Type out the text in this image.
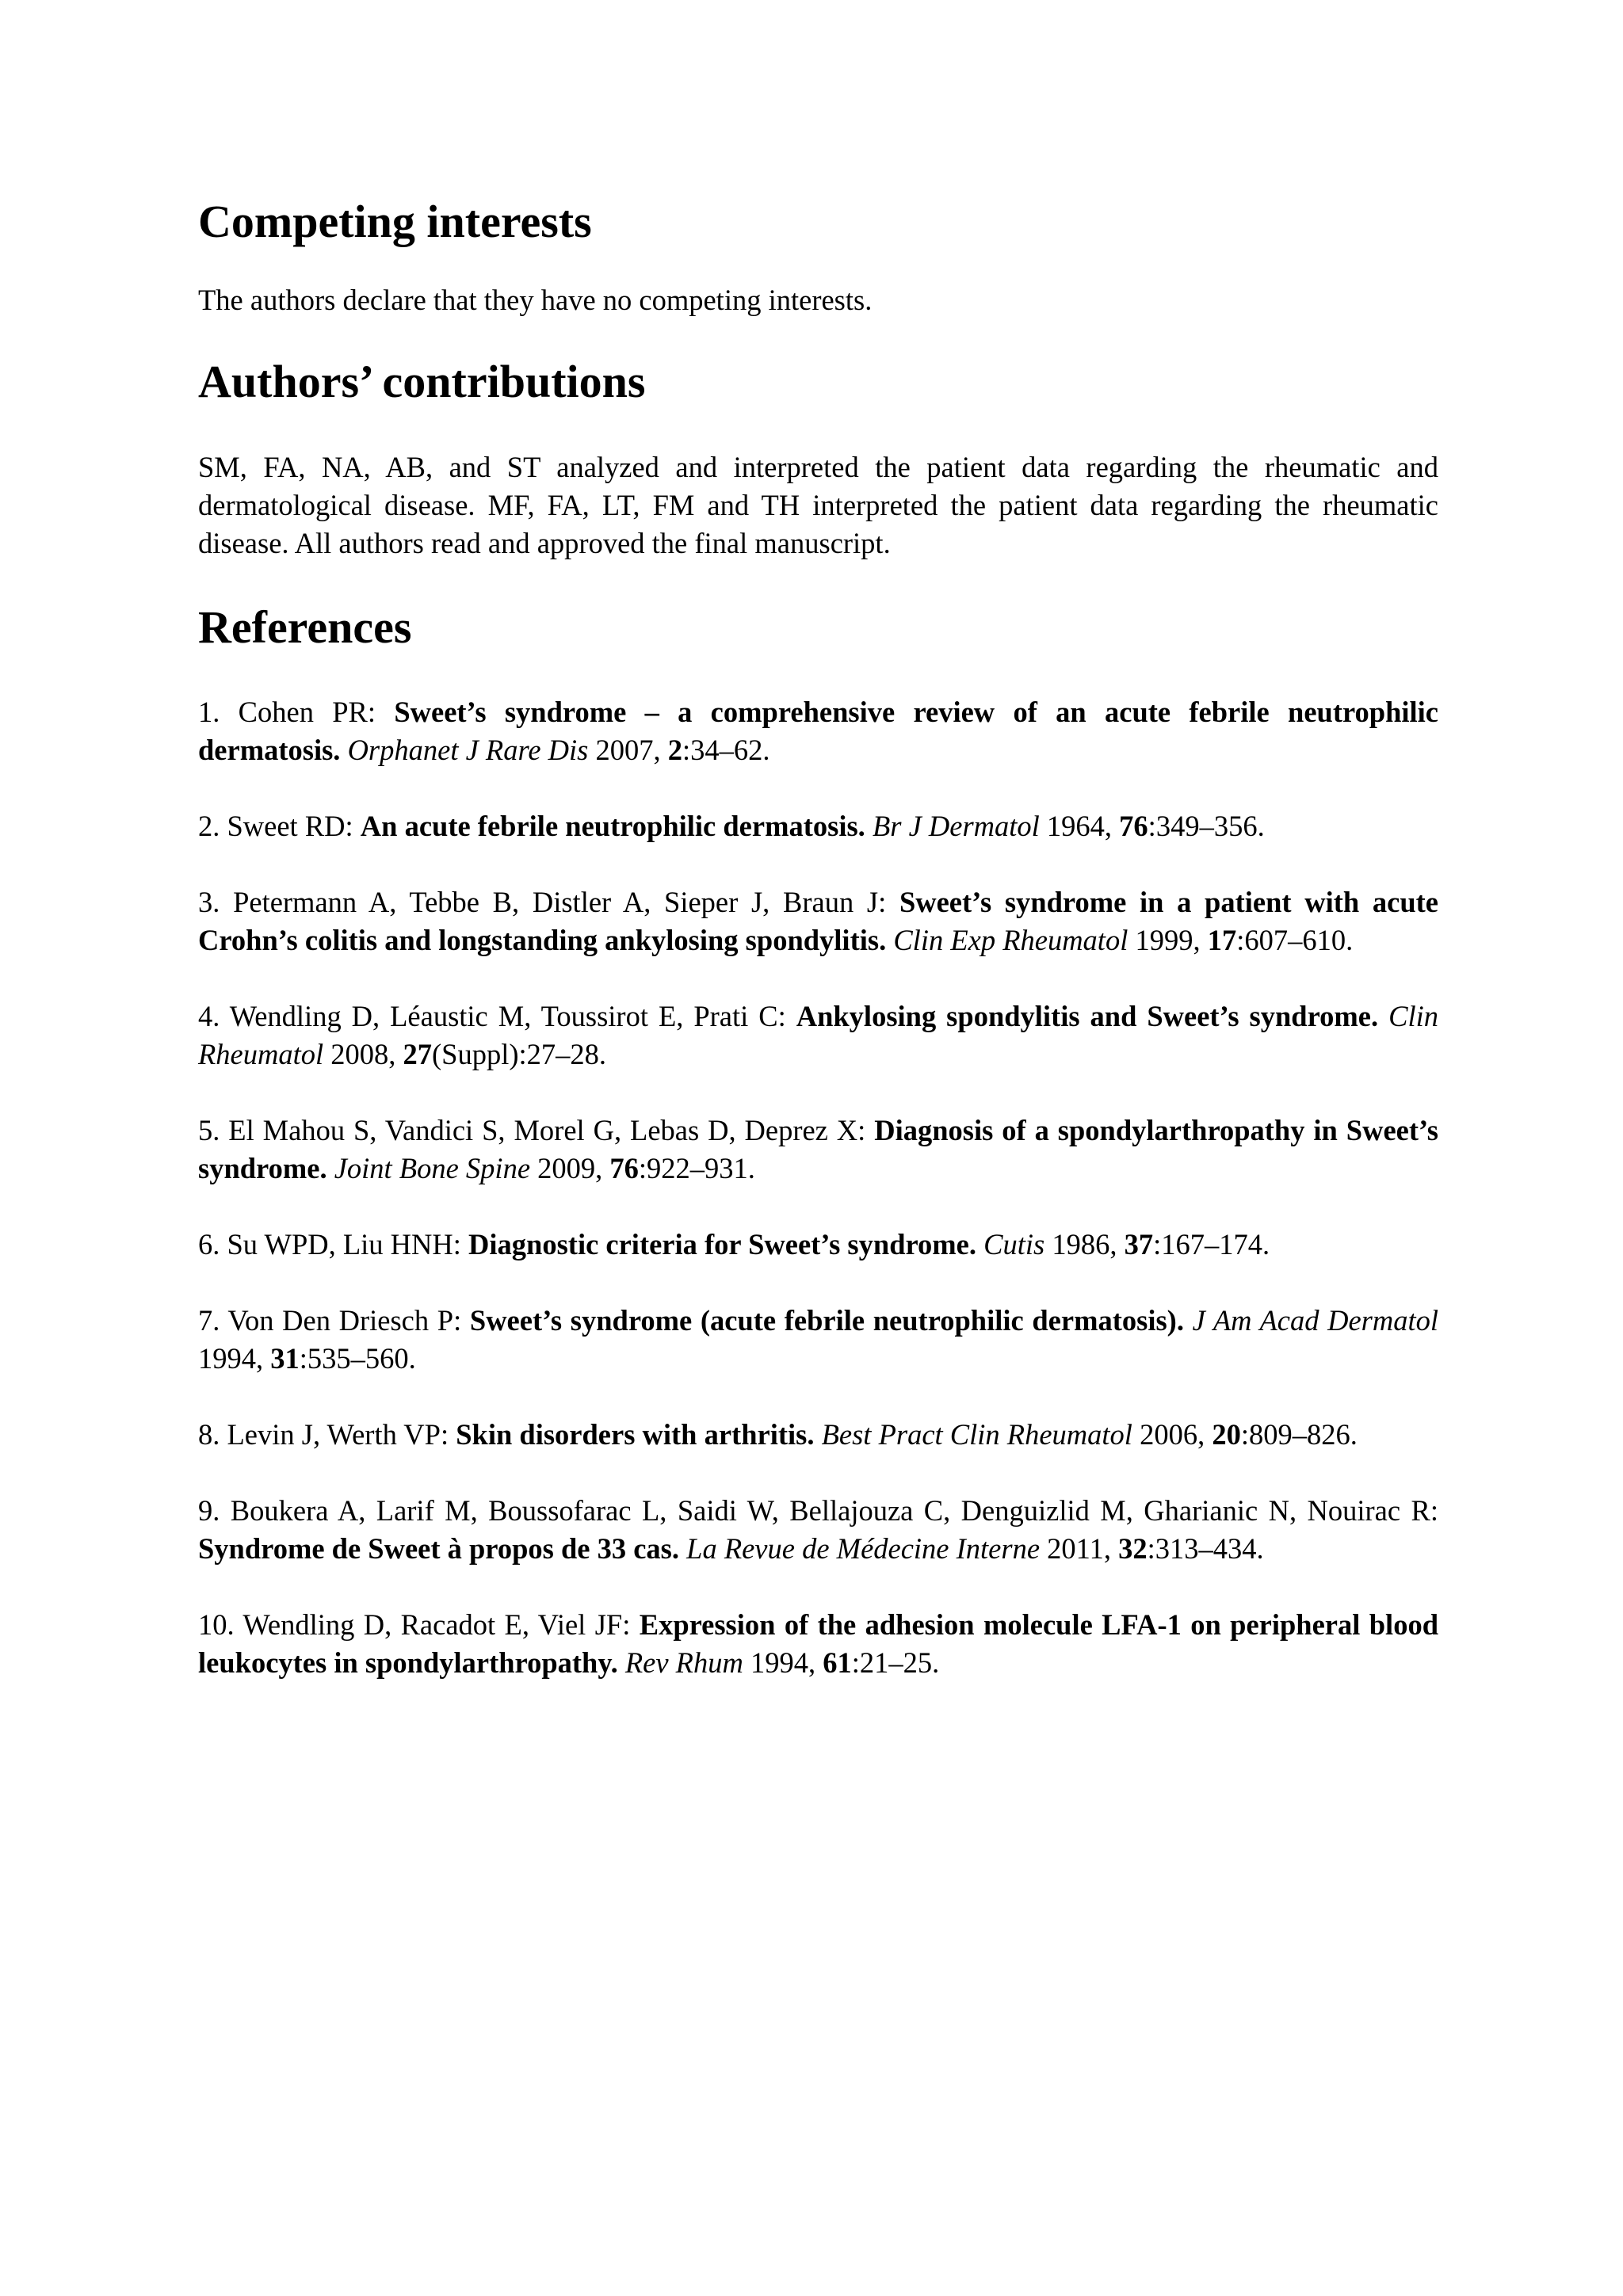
Competing interests

The authors declare that they have no competing interests.

Authors’ contributions

SM, FA, NA, AB, and ST analyzed and interpreted the patient data regarding the rheumatic and dermatological disease. MF, FA, LT, FM and TH interpreted the patient data regarding the rheumatic disease. All authors read and approved the final manuscript.

References

1. Cohen PR: Sweet’s syndrome – a comprehensive review of an acute febrile neutrophilic dermatosis. Orphanet J Rare Dis 2007, 2:34–62.

2. Sweet RD: An acute febrile neutrophilic dermatosis. Br J Dermatol 1964, 76:349–356.

3. Petermann A, Tebbe B, Distler A, Sieper J, Braun J: Sweet’s syndrome in a patient with acute Crohn’s colitis and longstanding ankylosing spondylitis. Clin Exp Rheumatol 1999, 17:607–610.

4. Wendling D, Léaustic M, Toussirot E, Prati C: Ankylosing spondylitis and Sweet’s syndrome. Clin Rheumatol 2008, 27(Suppl):27–28.

5. El Mahou S, Vandici S, Morel G, Lebas D, Deprez X: Diagnosis of a spondylarthropathy in Sweet’s syndrome. Joint Bone Spine 2009, 76:922–931.

6. Su WPD, Liu HNH: Diagnostic criteria for Sweet’s syndrome. Cutis 1986, 37:167–174.

7. Von Den Driesch P: Sweet’s syndrome (acute febrile neutrophilic dermatosis). J Am Acad Dermatol 1994, 31:535–560.

8. Levin J, Werth VP: Skin disorders with arthritis. Best Pract Clin Rheumatol 2006, 20:809–826.

9. Boukera A, Larif M, Boussofarac L, Saidi W, Bellajouza C, Denguizlid M, Gharianic N, Nouirac R: Syndrome de Sweet à propos de 33 cas. La Revue de Médecine Interne 2011, 32:313–434.

10. Wendling D, Racadot E, Viel JF: Expression of the adhesion molecule LFA-1 on peripheral blood leukocytes in spondylarthropathy. Rev Rhum 1994, 61:21–25.
